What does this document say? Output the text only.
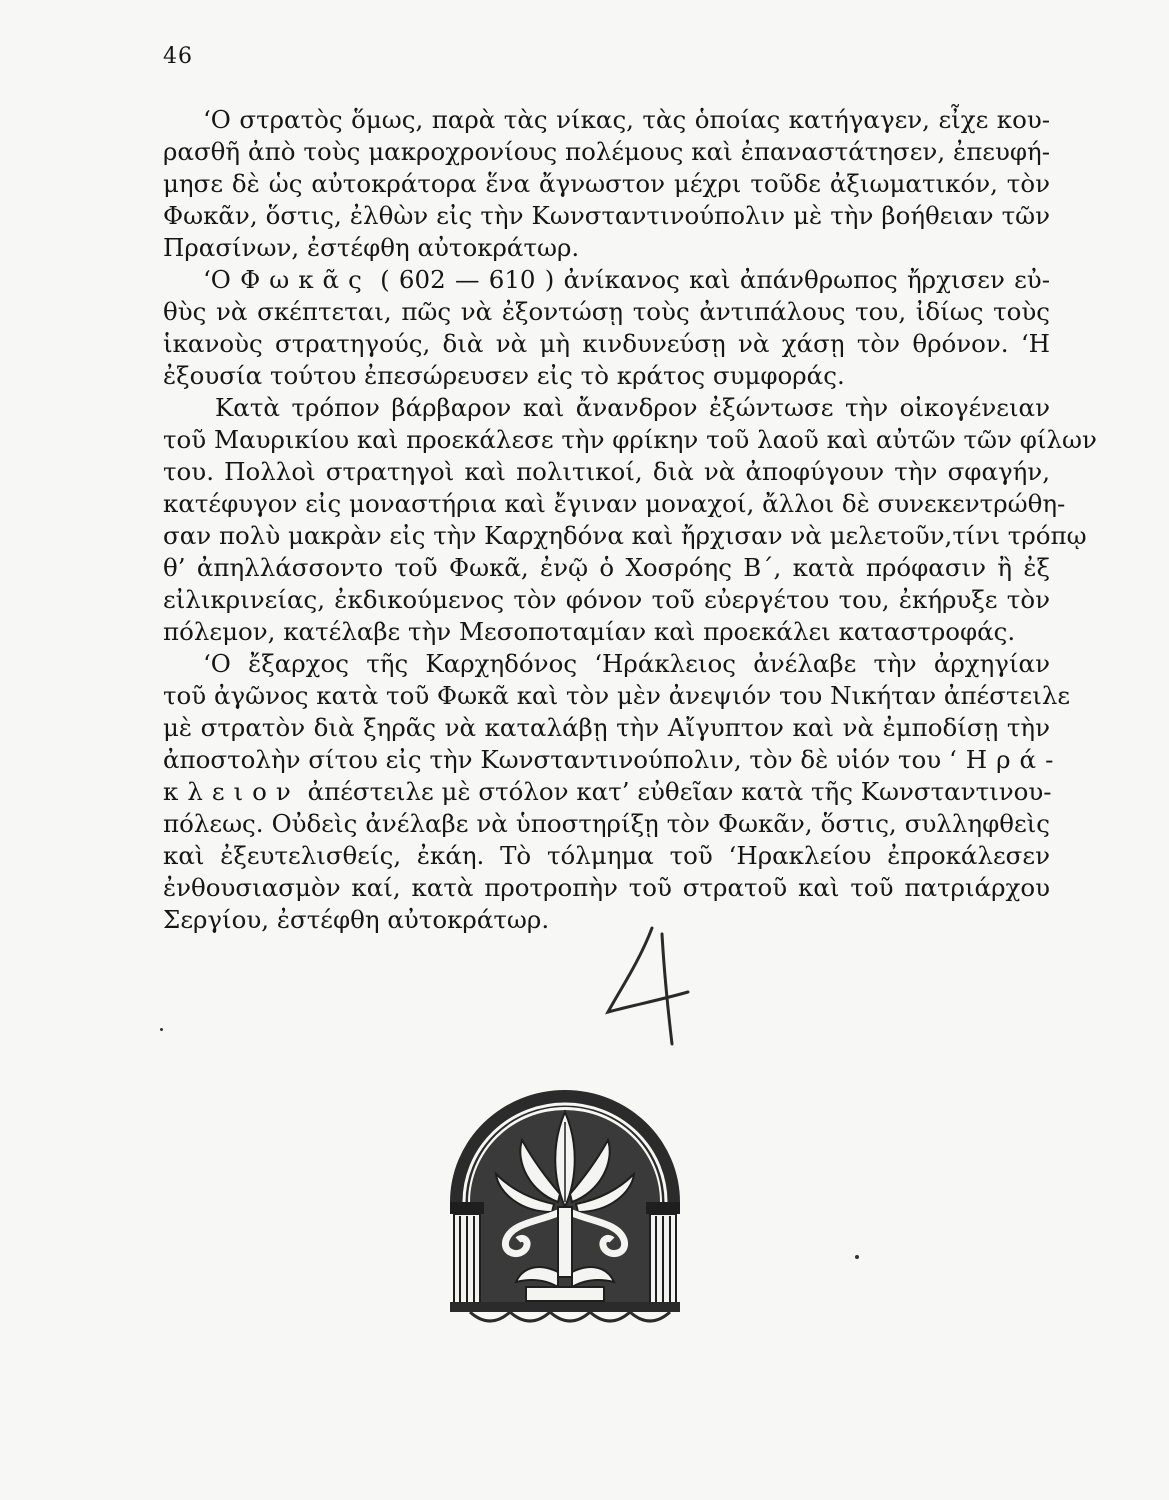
46
‘Ο στρατὸς ὅμως, παρὰ τὰς νίκας, τὰς ὁποίας κατήγαγεν, εἶχε κου-
ρασθῆ ἀπὸ τοὺς μακροχρονίους πολέμους καὶ ἐπαναστάτησεν, ἐπευφή-
μησε δὲ ὡς αὐτοκράτορα ἕνα ἄγνωστον μέχρι τοῦδε ἀξιωματικόν, τὸν
Φωκᾶν, ὅστις, ἐλθὼν εἰς τὴν Κωνσταντινούπολιν μὲ τὴν βοήθειαν τῶν
Πρασίνων, ἐστέφθη αὐτοκράτωρ.
‘Ο Φωκᾶς ( 602 — 610 ) ἀνίκανος καὶ ἀπάνθρωπος ἤρχισεν εὐ-
θὺς νὰ σκέπτεται, πῶς νὰ ἐξοντώσῃ τοὺς ἀντιπάλους του, ἰδίως τοὺς
ἱκανοὺς στρατηγούς, διὰ νὰ μὴ κινδυνεύσῃ νὰ χάσῃ τὸν θρόνον. ‘Η
ἐξουσία τούτου ἐπεσώρευσεν εἰς τὸ κράτος συμφοράς.
Κατὰ τρόπον βάρβαρον καὶ ἄνανδρον ἐξώντωσε τὴν οἰκογένειαν
τοῦ Μαυρικίου καὶ προεκάλεσε τὴν φρίκην τοῦ λαοῦ καὶ αὐτῶν τῶν φίλων
του. Πολλοὶ στρατηγοὶ καὶ πολιτικοί, διὰ νὰ ἀποφύγουν τὴν σφαγήν,
κατέφυγον εἰς μοναστήρια καὶ ἔγιναν μοναχοί, ἄλλοι δὲ συνεκεντρώθη-
σαν πολὺ μακρὰν εἰς τὴν Καρχηδόνα καὶ ἤρχισαν νὰ μελετοῦν,τίνι τρόπῳ
θ’ ἀπηλλάσσοντο τοῦ Φωκᾶ, ἐνῷ ὁ Χοσρόης Β΄, κατὰ πρόφασιν ἢ ἐξ
εἰλικρινείας, ἐκδικούμενος τὸν φόνον τοῦ εὐεργέτου του, ἐκήρυξε τὸν
πόλεμον, κατέλαβε τὴν Μεσοποταμίαν καὶ προεκάλει καταστροφάς.
‘Ο ἔξαρχος τῆς Καρχηδόνος ‘Ηράκλειος ἀνέλαβε τὴν ἀρχηγίαν
τοῦ ἀγῶνος κατὰ τοῦ Φωκᾶ καὶ τὸν μὲν ἀνεψιόν του Νικήταν ἀπέστειλε
μὲ στρατὸν διὰ ξηρᾶς νὰ καταλάβῃ τὴν Αἴγυπτον καὶ νὰ ἐμποδίσῃ τὴν
ἀποστολὴν σίτου εἰς τὴν Κωνσταντινούπολιν, τὸν δὲ υἱόν του ‘Ηρά-
κλειον ἀπέστειλε μὲ στόλον κατ’ εὐθεῖαν κατὰ τῆς Κωνσταντινου-
πόλεως. Οὐδεὶς ἀνέλαβε νὰ ὑποστηρίξῃ τὸν Φωκᾶν, ὅστις, συλληφθεὶς
καὶ ἐξευτελισθείς, ἐκάη. Τὸ τόλμημα τοῦ ‘Ηρακλείου ἐπροκάλεσεν
ἐνθουσιασμὸν καί, κατὰ προτροπὴν τοῦ στρατοῦ καὶ τοῦ πατριάρχου
Σεργίου, ἐστέφθη αὐτοκράτωρ.
